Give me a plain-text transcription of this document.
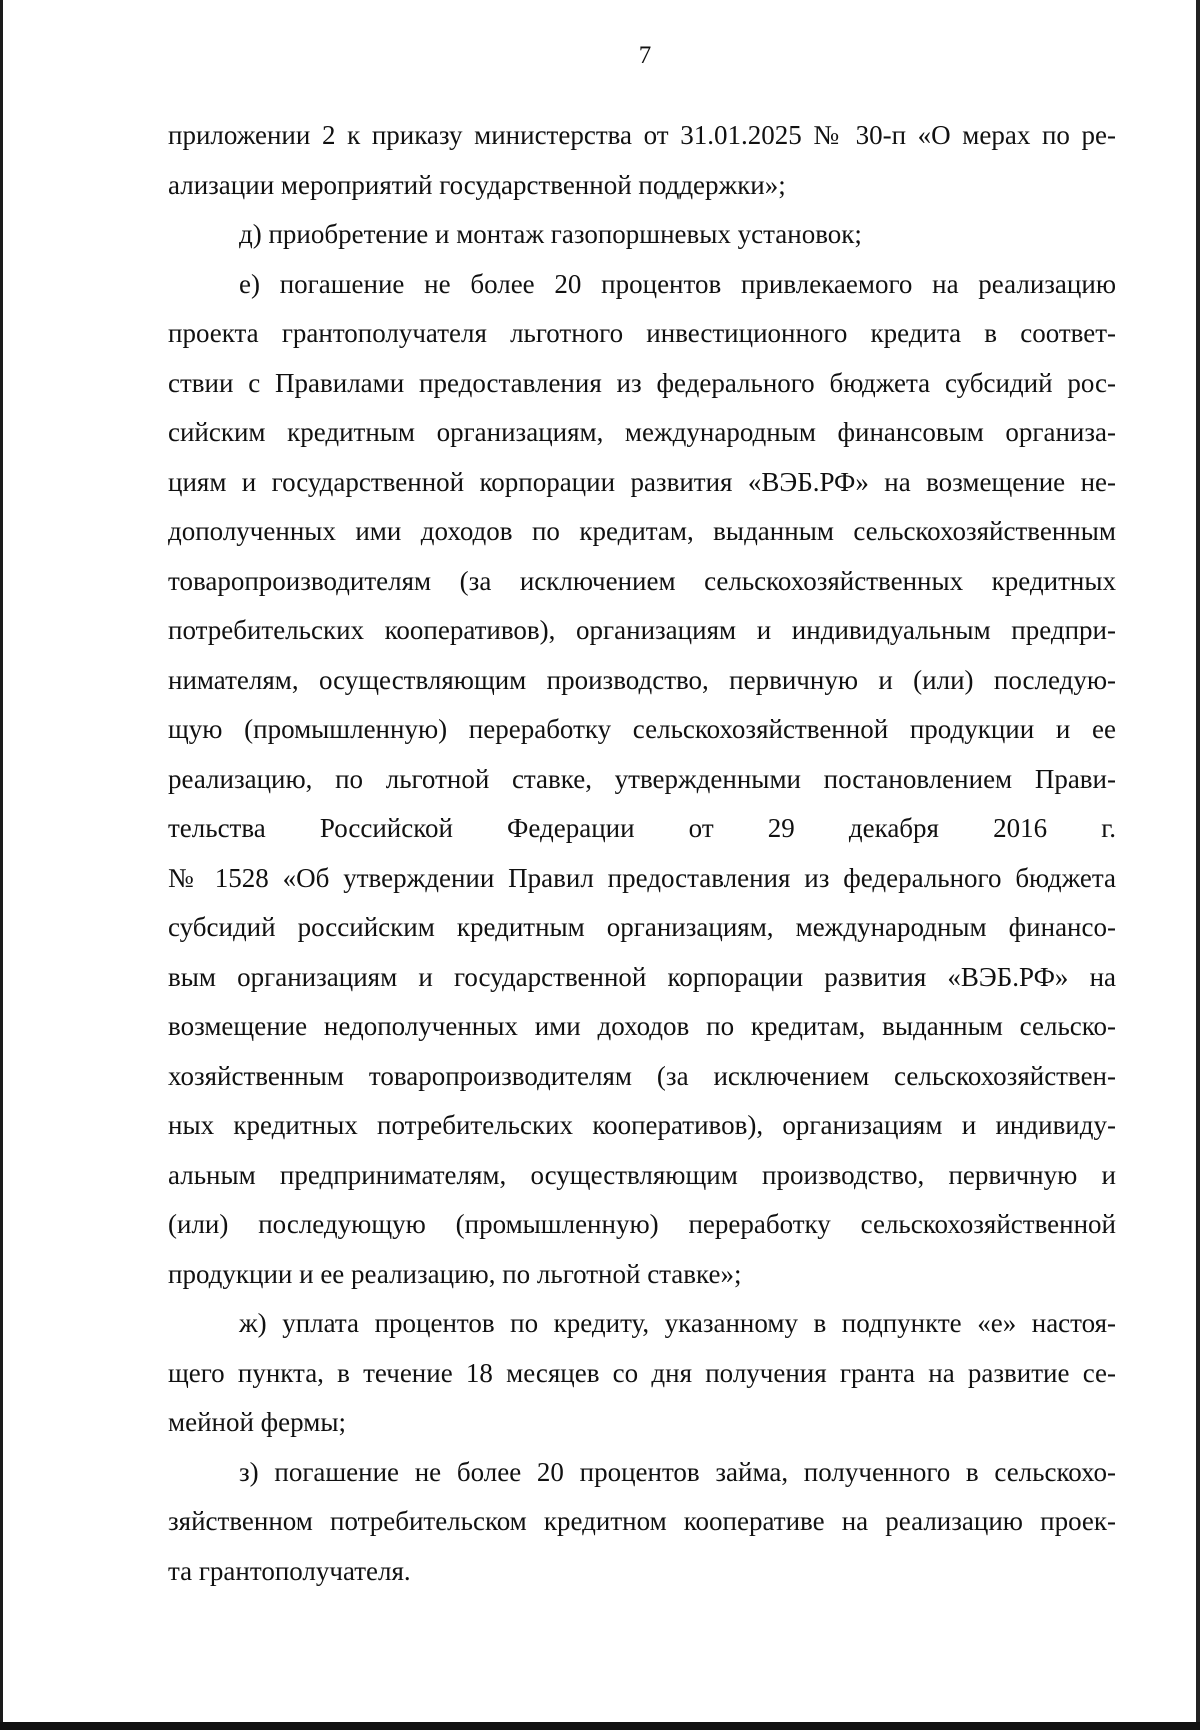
7

приложении 2 к приказу министерства от 31.01.2025 № 30-п «О мерах по ре-
ализации мероприятий государственной поддержки»;

д) приобретение и монтаж газопоршневых установок;

е) погашение не более 20 процентов привлекаемого на реализацию
проекта грантополучателя льготного инвестиционного кредита в соответ-
ствии с Правилами предоставления из федерального бюджета субсидий рос-
сийским кредитным организациям, международным финансовым организа-
циям и государственной корпорации развития «ВЭБ.РФ» на возмещение не-
дополученных ими доходов по кредитам, выданным сельскохозяйственным
товаропроизводителям (за исключением сельскохозяйственных кредитных
потребительских кооперативов), организациям и индивидуальным предпри-
нимателям, осуществляющим производство, первичную и (или) последую-
щую (промышленную) переработку сельскохозяйственной продукции и ее
реализацию, по льготной ставке, утвержденными постановлением Прави-
тельства Российской Федерации от 29 декабря 2016 г.
№ 1528 «Об утверждении Правил предоставления из федерального бюджета
субсидий российским кредитным организациям, международным финансо-
вым организациям и государственной корпорации развития «ВЭБ.РФ» на
возмещение недополученных ими доходов по кредитам, выданным сельско-
хозяйственным товаропроизводителям (за исключением сельскохозяйствен-
ных кредитных потребительских кооперативов), организациям и индивиду-
альным предпринимателям, осуществляющим производство, первичную и
(или) последующую (промышленную) переработку сельскохозяйственной
продукции и ее реализацию, по льготной ставке»;

ж) уплата процентов по кредиту, указанному в подпункте «е» настоя-
щего пункта, в течение 18 месяцев со дня получения гранта на развитие се-
мейной фермы;

з) погашение не более 20 процентов займа, полученного в сельскохо-
зяйственном потребительском кредитном кооперативе на реализацию проек-
та грантополучателя.
